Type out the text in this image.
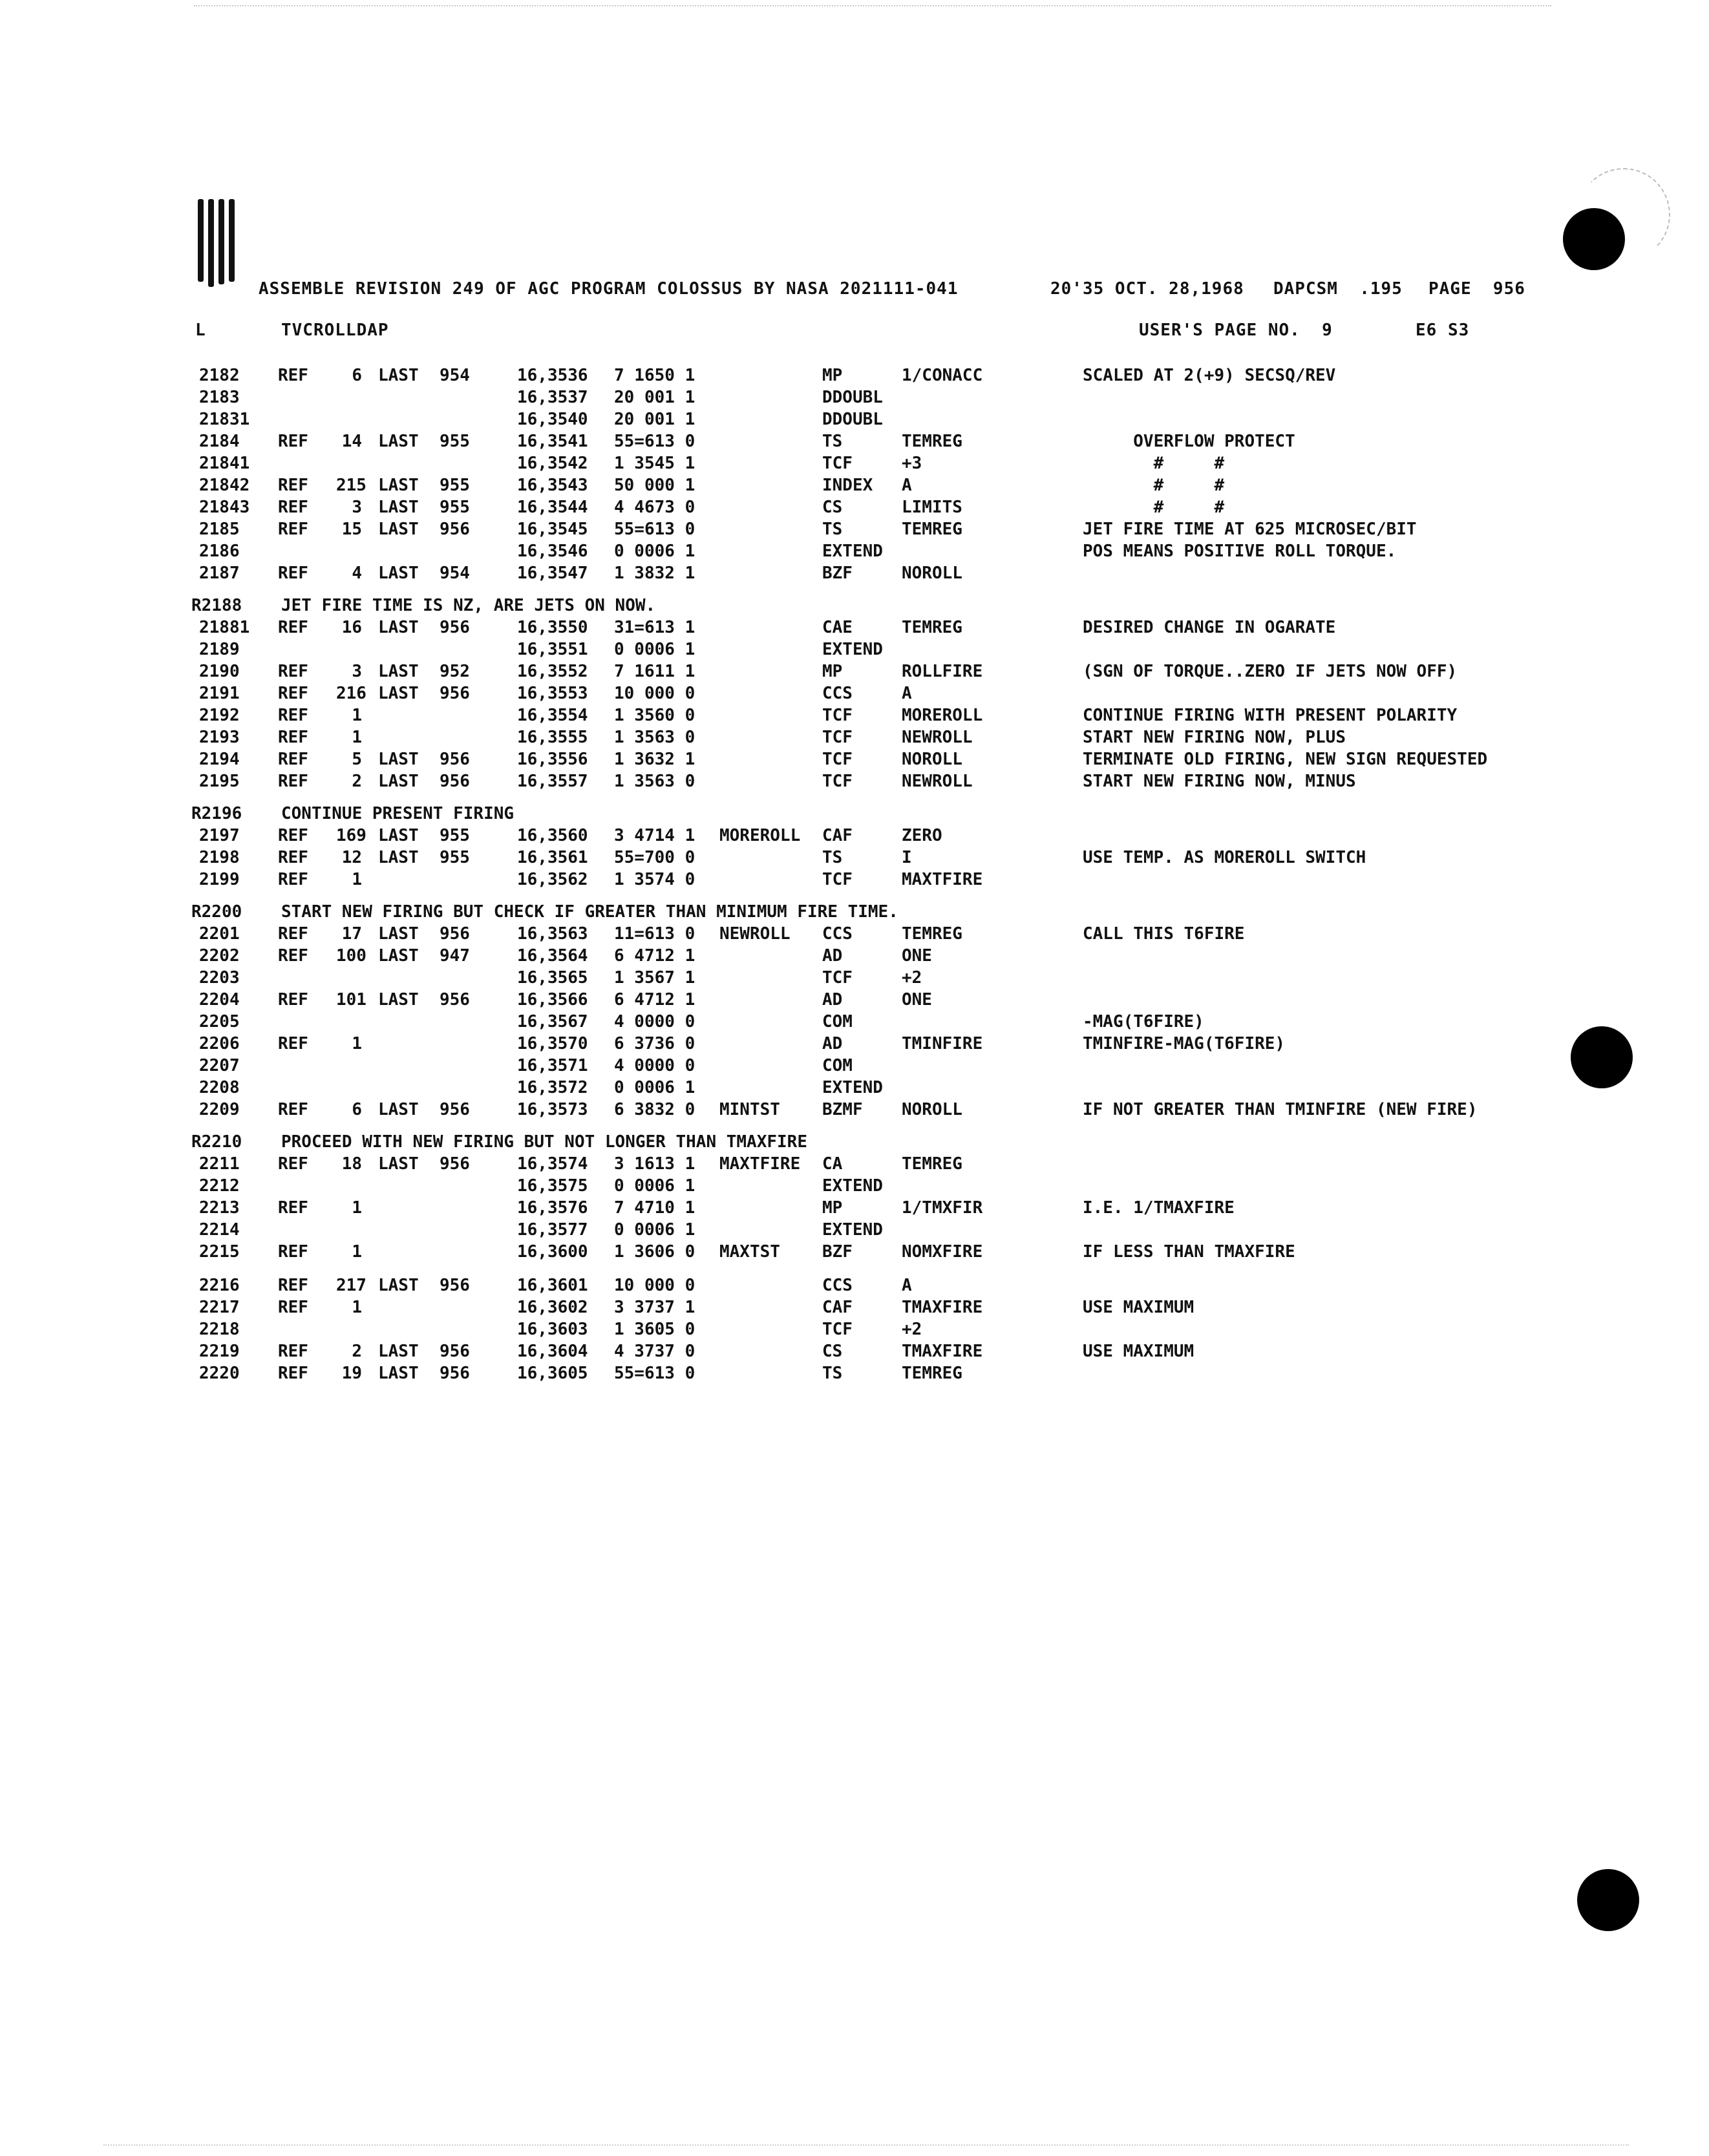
ASSEMBLE REVISION 249 OF AGC PROGRAM COLOSSUS BY NASA 2021111-041	20'35 OCT. 28,1968 DAPCSM  .195 PAGE  956
L	TVCROLLDAP	USER'S PAGE NO.  9	E6 S3
2182 REF	6 LAST 954	16,3536 7 1650 1	MP	1/CONACC	SCALED AT 2(+9) SECSQ/REV
2183	16,3537 20 001 1	DDOUBL
21831	16,3540 20 001 1	DDOUBL
2184 REF	14 LAST 955	16,3541 55=613 0	TS	TEMREG	OVERFLOW PROTECT
21841	16,3542 1 3545 1	TCF	+3	#     #
21842 REF 215 LAST 955	16,3543 50 000 1	INDEX A	#     #
21843 REF	3 LAST 955	16,3544 4 4673 0	CS	LIMITS	#     #
2185 REF	15 LAST 956	16,3545 55=613 0	TS	TEMREG	JET FIRE TIME AT 625 MICROSEC/BIT
2186	16,3546 0 0006 1	EXTEND	POS MEANS POSITIVE ROLL TORQUE.
2187 REF	4 LAST 954	16,3547 1 3832 1	BZF	NOROLL
R2188 JET FIRE TIME IS NZ, ARE JETS ON NOW.
21881 REF	16 LAST 956	16,3550 31=613 1	CAE	TEMREG	DESIRED CHANGE IN OGARATE
2189	16,3551 0 0006 1	EXTEND
2190 REF	3 LAST 952	16,3552 7 1611 1	MP	ROLLFIRE	(SGN OF TORQUE..ZERO IF JETS NOW OFF)
2191 REF 216 LAST 956	16,3553 10 000 0	CCS	A
2192 REF	1	16,3554 1 3560 0	TCF	MOREROLL	CONTINUE FIRING WITH PRESENT POLARITY
2193 REF	1	16,3555 1 3563 0	TCF	NEWROLL	START NEW FIRING NOW, PLUS
2194 REF	5 LAST 956	16,3556 1 3632 1	TCF	NOROLL	TERMINATE OLD FIRING, NEW SIGN REQUESTED
2195 REF	2 LAST 956	16,3557 1 3563 0	TCF	NEWROLL	START NEW FIRING NOW, MINUS
R2196 CONTINUE PRESENT FIRING
2197 REF 169 LAST 955	16,3560 3 4714 1 MOREROLL CAF	ZERO
2198 REF	12 LAST 955	16,3561 55=700 0	TS	I	USE TEMP. AS MOREROLL SWITCH
2199 REF	1	16,3562 1 3574 0	TCF	MAXTFIRE
R2200 START NEW FIRING BUT CHECK IF GREATER THAN MINIMUM FIRE TIME.
2201 REF	17 LAST 956	16,3563 11=613 0 NEWROLL CCS	TEMREG	CALL THIS T6FIRE
2202 REF 100 LAST 947	16,3564 6 4712 1	AD	ONE
2203	16,3565 1 3567 1	TCF	+2
2204 REF 101 LAST 956	16,3566 6 4712 1	AD	ONE
2205	16,3567 4 0000 0	COM	-MAG(T6FIRE)
2206 REF	1	16,3570 6 3736 0	AD	TMINFIRE	TMINFIRE-MAG(T6FIRE)
2207	16,3571 4 0000 0	COM
2208	16,3572 0 0006 1	EXTEND
2209 REF	6 LAST 956	16,3573 6 3832 0 MINTST	BZMF NOROLL	IF NOT GREATER THAN TMINFIRE (NEW FIRE)
R2210 PROCEED WITH NEW FIRING BUT NOT LONGER THAN TMAXFIRE
2211 REF	18 LAST 956	16,3574 3 1613 1 MAXTFIRE CA	TEMREG
2212	16,3575 0 0006 1	EXTEND
2213 REF	1	16,3576 7 4710 1	MP	1/TMXFIR	I.E. 1/TMAXFIRE
2214	16,3577 0 0006 1	EXTEND
2215 REF	1	16,3600 1 3606 0 MAXTST	BZF	NOMXFIRE	IF LESS THAN TMAXFIRE
2216 REF 217 LAST 956	16,3601 10 000 0	CCS	A
2217 REF	1	16,3602 3 3737 1	CAF	TMAXFIRE	USE MAXIMUM
2218	16,3603 1 3605 0	TCF	+2
2219 REF	2 LAST 956	16,3604 4 3737 0	CS	TMAXFIRE	USE MAXIMUM
2220 REF	19 LAST 956	16,3605 55=613 0	TS	TEMREG
